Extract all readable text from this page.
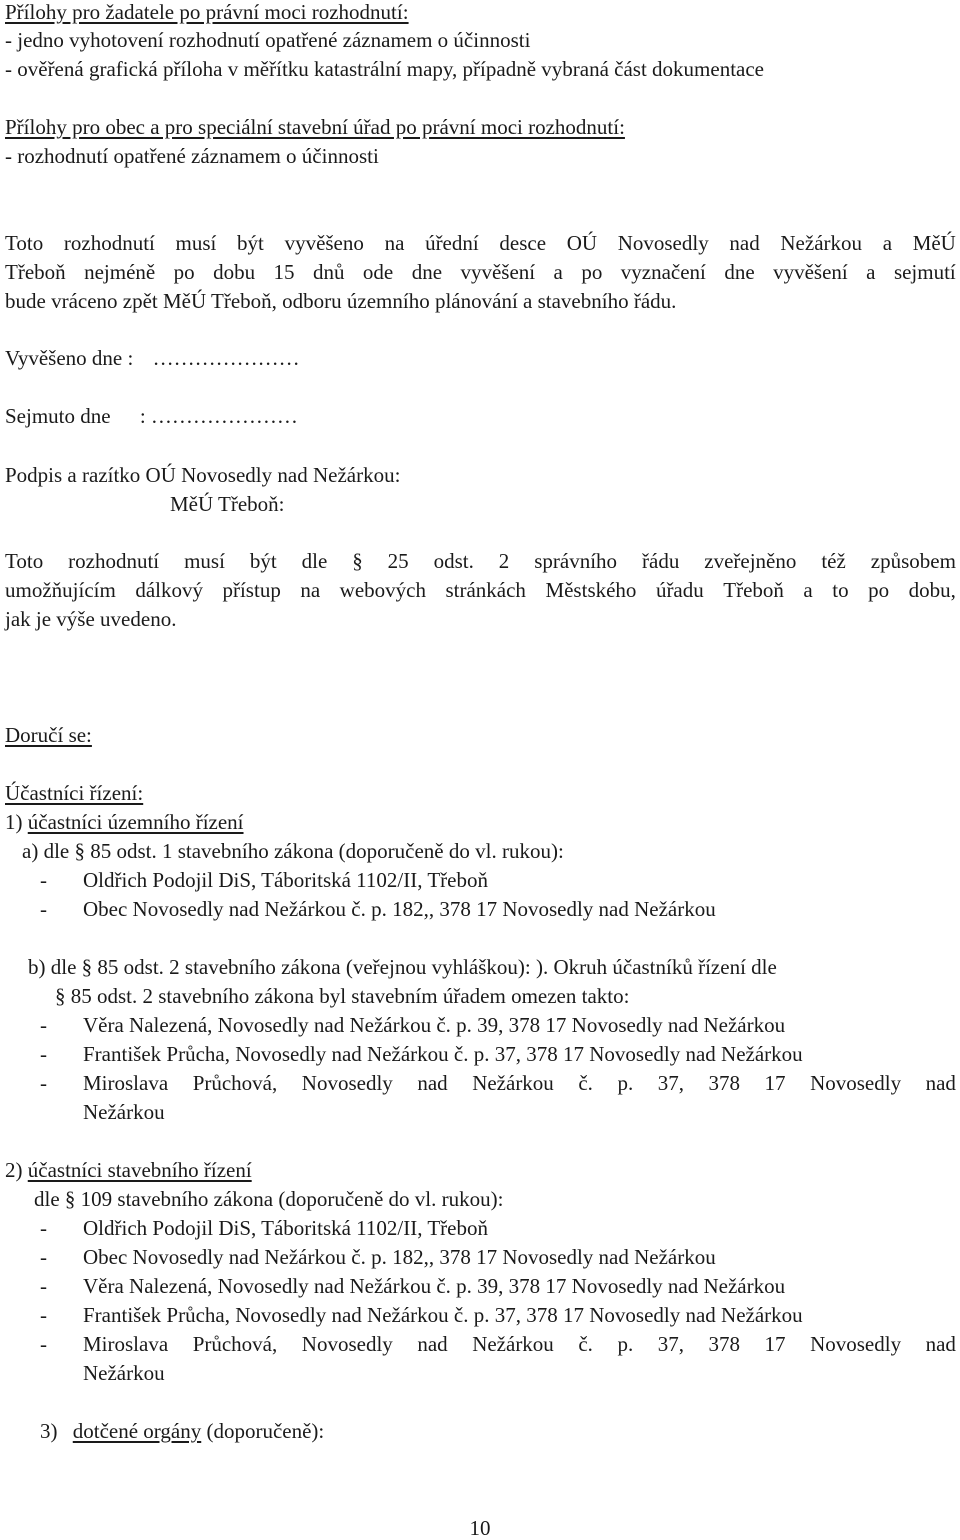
Přílohy pro žadatele po právní moci rozhodnutí:
- jedno vyhotovení rozhodnutí opatřené záznamem o účinnosti
- ověřená grafická příloha v měřítku katastrální mapy, případně vybraná část dokumentace
Přílohy pro obec a pro speciální stavební úřad po právní moci rozhodnutí:
- rozhodnutí opatřené záznamem o účinnosti
Toto rozhodnutí musí být vyvěšeno na úřední desce OÚ Novosedly nad Nežárkou a MěÚ
Třeboň nejméně po dobu 15 dnů ode dne vyvěšení a po vyznačení dne vyvěšení a sejmutí
bude vráceno zpět MěÚ Třeboň, odboru územního plánování a stavebního řádu.
Vyvěšeno dne : …………………
Sejmuto dne : …………………
Podpis a razítko OÚ Novosedly nad Nežárkou:
MěÚ Třeboň:
Toto rozhodnutí musí být dle § 25 odst. 2 správního řádu zveřejněno též způsobem
umožňujícím dálkový přístup na webových stránkách Městského úřadu Třeboň a to po dobu,
jak je výše uvedeno.
Doručí se:
Účastníci řízení:
1) účastníci územního řízení
a) dle § 85 odst. 1 stavebního zákona (doporučeně do vl. rukou):
- Oldřich Podojil DiS, Táboritská 1102/II, Třeboň
- Obec Novosedly nad Nežárkou č. p. 182,, 378 17 Novosedly nad Nežárkou
b) dle § 85 odst. 2 stavebního zákona (veřejnou vyhláškou): ). Okruh účastníků řízení dle
§ 85 odst. 2 stavebního zákona byl stavebním úřadem omezen takto:
- Věra Nalezená, Novosedly nad Nežárkou č. p. 39, 378 17 Novosedly nad Nežárkou
- František Průcha, Novosedly nad Nežárkou č. p. 37, 378 17 Novosedly nad Nežárkou
- Miroslava Průchová, Novosedly nad Nežárkou č. p. 37, 378 17 Novosedly nad
Nežárkou
2) účastníci stavebního řízení
dle § 109 stavebního zákona (doporučeně do vl. rukou):
- Oldřich Podojil DiS, Táboritská 1102/II, Třeboň
- Obec Novosedly nad Nežárkou č. p. 182,, 378 17 Novosedly nad Nežárkou
- Věra Nalezená, Novosedly nad Nežárkou č. p. 39, 378 17 Novosedly nad Nežárkou
- František Průcha, Novosedly nad Nežárkou č. p. 37, 378 17 Novosedly nad Nežárkou
- Miroslava Průchová, Novosedly nad Nežárkou č. p. 37, 378 17 Novosedly nad
Nežárkou
3) dotčené orgány (doporučeně):
10
